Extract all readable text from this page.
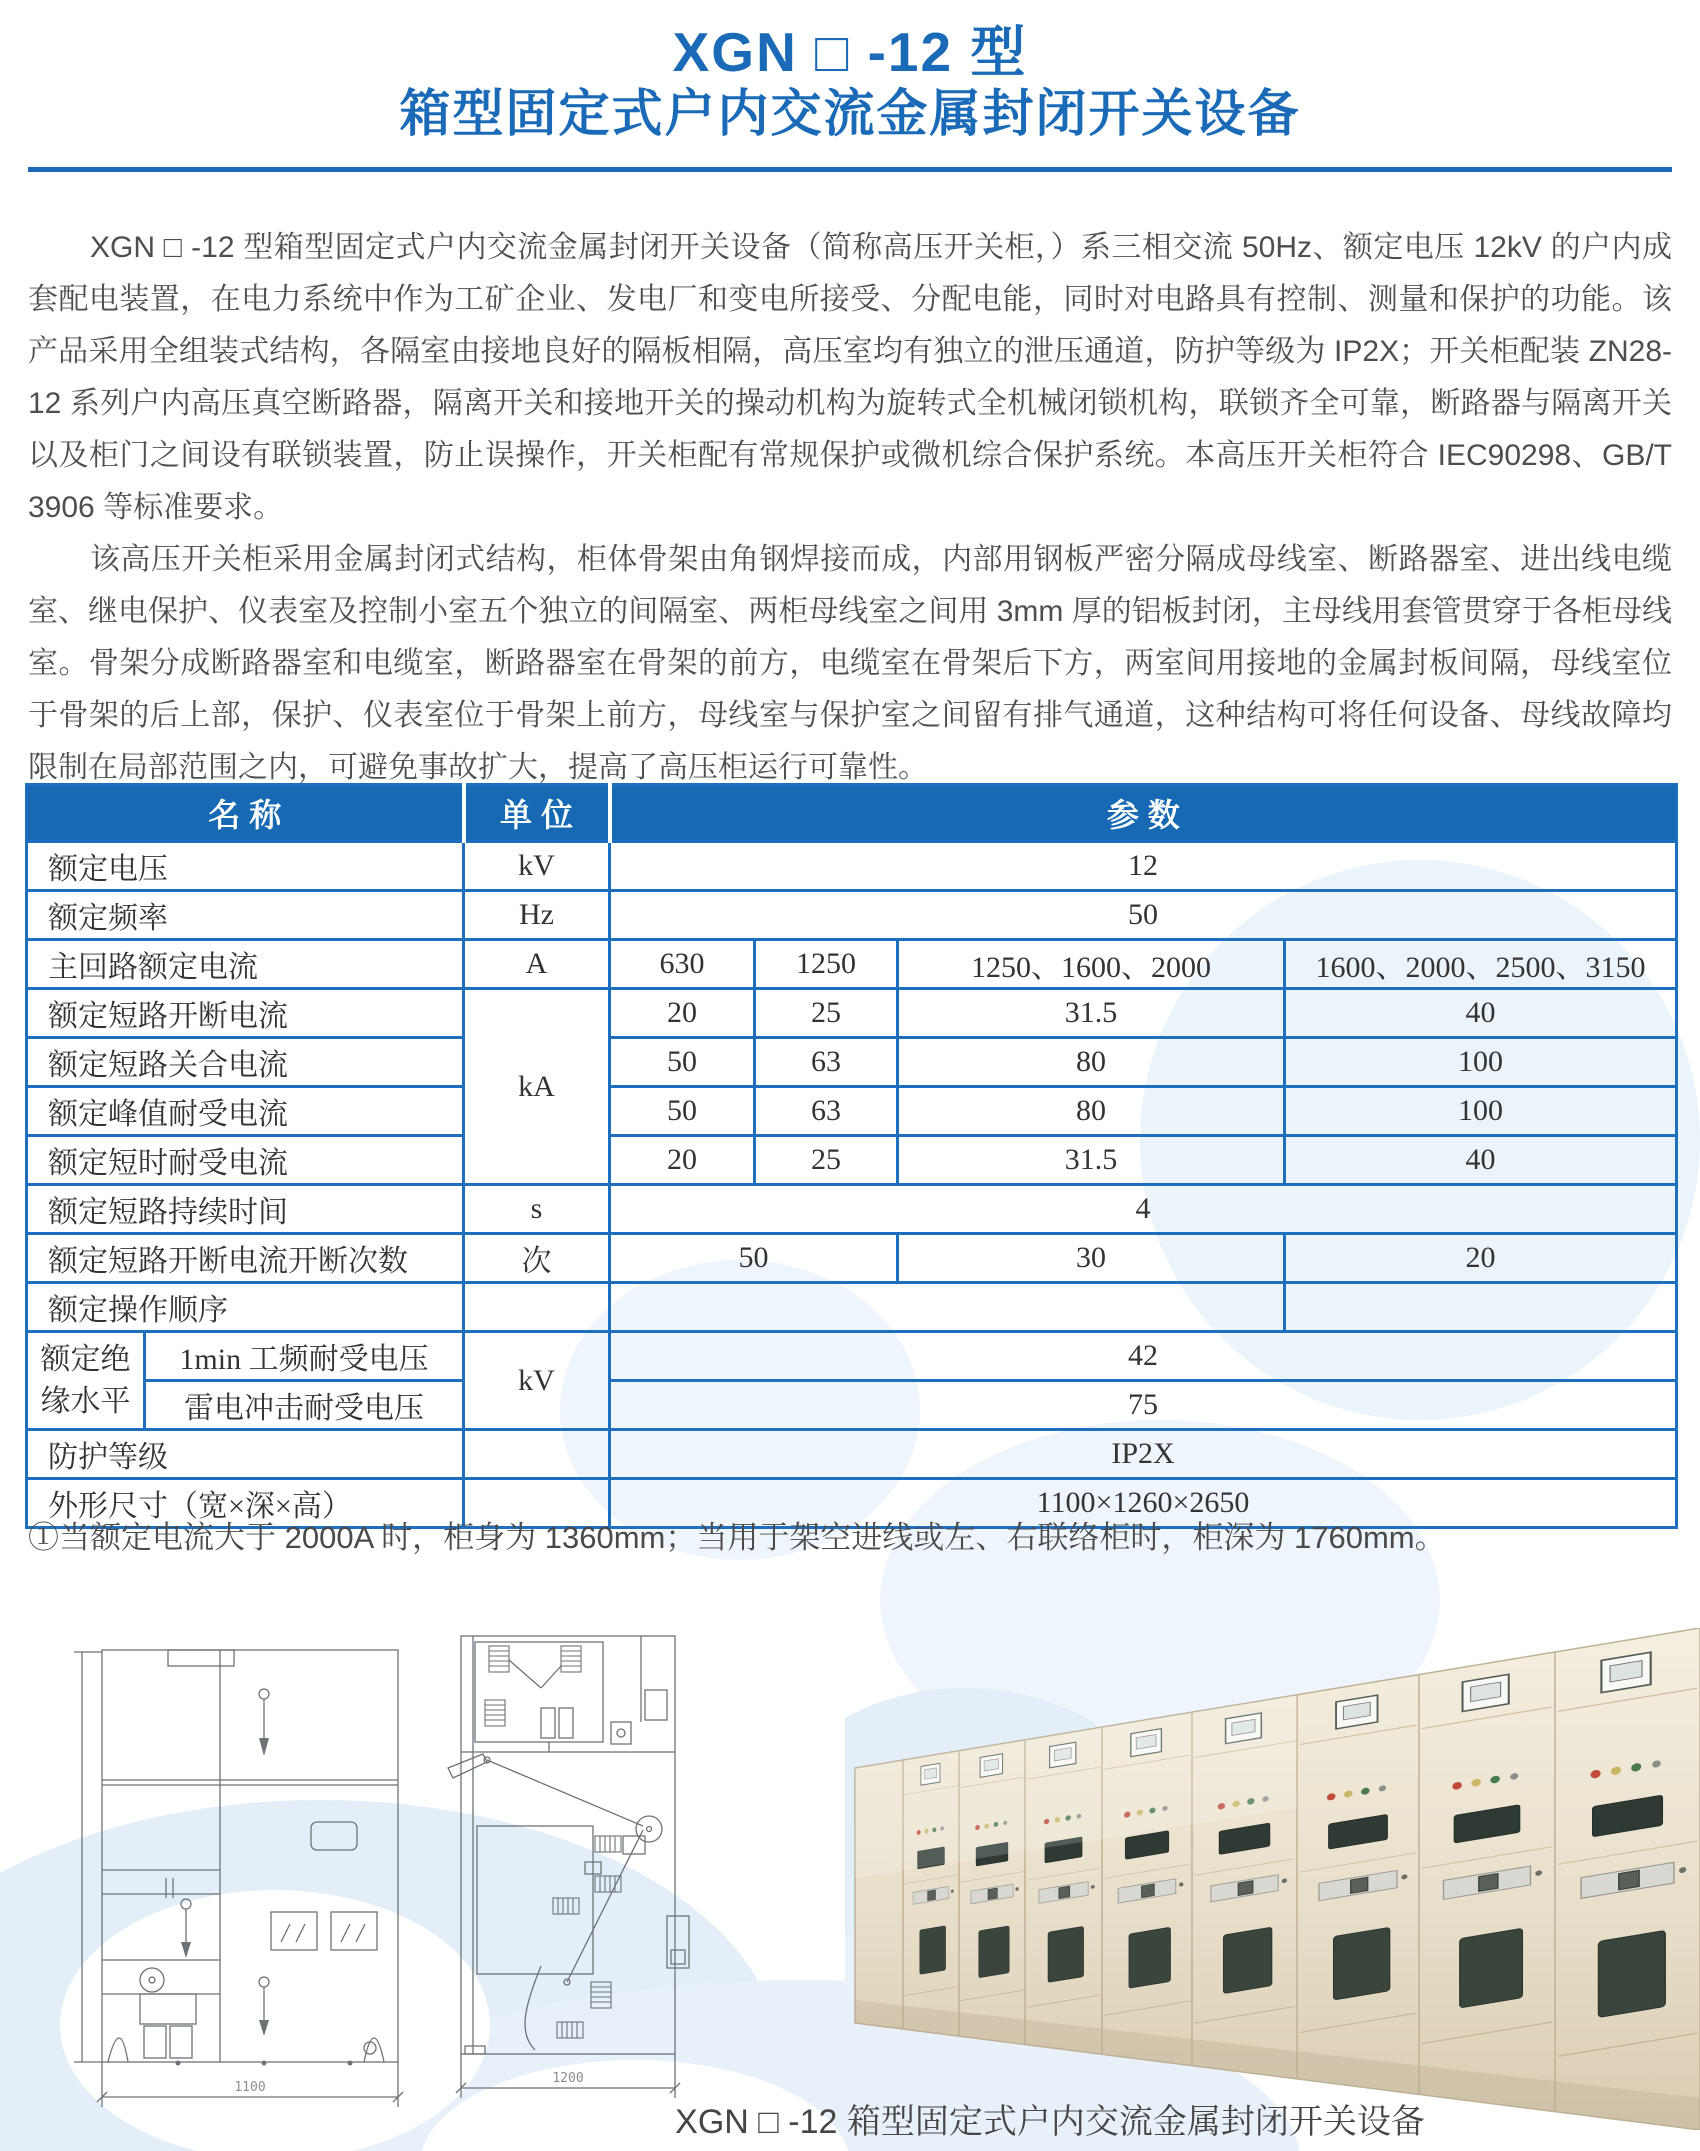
XGN □ -12 型
箱型固定式户内交流金属封闭开关设备

XGN □ -12 型箱型固定式户内交流金属封闭开关设备（简称高压开关柜，）系三相交流 50Hz、额定电压 12kV 的户内成套配电装置，在电力系统中作为工矿企业、发电厂和变电所接受、分配电能，同时对电路具有控制、测量和保护的功能。该产品采用全组装式结构，各隔室由接地良好的隔板相隔，高压室均有独立的泄压通道，防护等级为 IP2X；开关柜配装 ZN28-12 系列户内高压真空断路器，隔离开关和接地开关的操动机构为旋转式全机械闭锁机构，联锁齐全可靠，断路器与隔离开关以及柜门之间设有联锁装置，防止误操作，开关柜配有常规保护或微机综合保护系统。本高压开关柜符合 IEC90298、GB/T 3906 等标准要求。

该高压开关柜采用金属封闭式结构，柜体骨架由角钢焊接而成，内部用钢板严密分隔成母线室、断路器室、进出线电缆室、继电保护、仪表室及控制小室五个独立的间隔室、两柜母线室之间用 3mm 厚的铝板封闭，主母线用套管贯穿于各柜母线室。骨架分成断路器室和电缆室，断路器室在骨架的前方，电缆室在骨架后下方，两室间用接地的金属封板间隔，母线室位于骨架的后上部，保护、仪表室位于骨架上前方，母线室与保护室之间留有排气通道，这种结构可将任何设备、母线故障均限制在局部范围之内，可避免事故扩大，提高了高压柜运行可靠性。

名 称		单 位	参 数			
额定电压		kV	12			
额定频率		Hz	50			
主回路额定电流		A	630	1250	1250、1600、2000	1600、2000、2500、3150
额定短路开断电流		kA	20	25	31.5	40
额定短路关合电流			50	63	80	100
额定峰值耐受电流			50	63	80	100
额定短时耐受电流			20	25	31.5	40
额定短路持续时间		s	4			
额定短路开断电流开断次数		次	50		30	20
额定操作顺序						
额定绝缘水平	1min 工频耐受电压	kV	42			
	雷电冲击耐受电压		75			
防护等级			IP2X			
外形尺寸（宽×深×高）			1100×1260×2650			
①当额定电流大于 2000A 时，柜身为 1360mm；当用于架空进线或左、右联络柜时，柜深为 1760mm。
1100
1200
XGN □ -12 箱型固定式户内交流金属封闭开关设备
